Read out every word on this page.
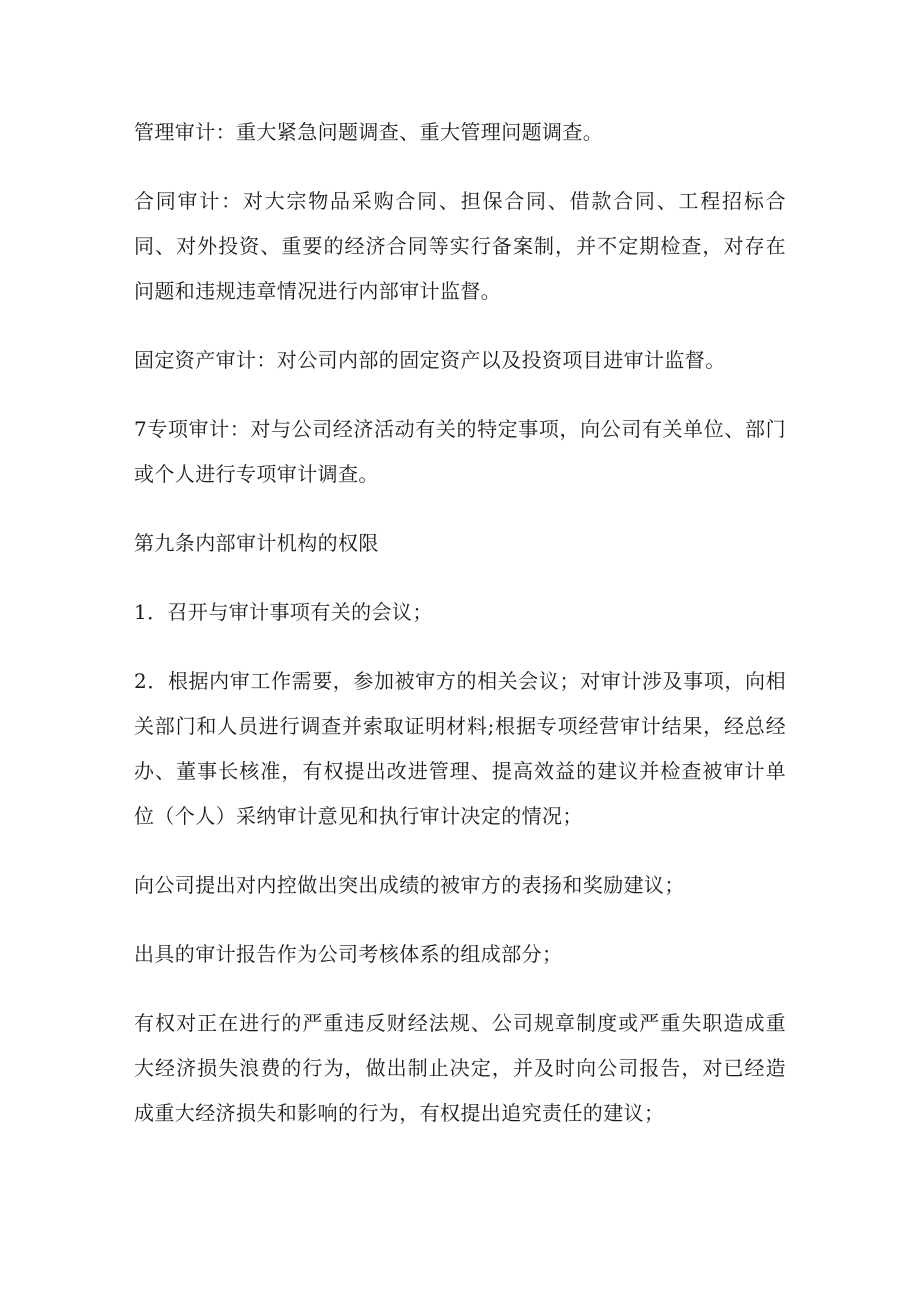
管理审计：重大紧急问题调查、重大管理问题调查。

合同审计：对大宗物品采购合同、担保合同、借款合同、工程招标合同、对外投资、重要的经济合同等实行备案制，并不定期检查，对存在问题和违规违章情况进行内部审计监督。

固定资产审计：对公司内部的固定资产以及投资项目进审计监督。

7专项审计：对与公司经济活动有关的特定事项，向公司有关单位、部门或个人进行专项审计调查。

第九条内部审计机构的权限

1．召开与审计事项有关的会议；

2．根据内审工作需要，参加被审方的相关会议；对审计涉及事项，向相关部门和人员进行调查并索取证明材料;根据专项经营审计结果，经总经办、董事长核准，有权提出改进管理、提高效益的建议并检查被审计单位（个人）采纳审计意见和执行审计决定的情况；

向公司提出对内控做出突出成绩的被审方的表扬和奖励建议；

出具的审计报告作为公司考核体系的组成部分；

有权对正在进行的严重违反财经法规、公司规章制度或严重失职造成重大经济损失浪费的行为，做出制止决定，并及时向公司报告，对已经造成重大经济损失和影响的行为，有权提出追究责任的建议；
